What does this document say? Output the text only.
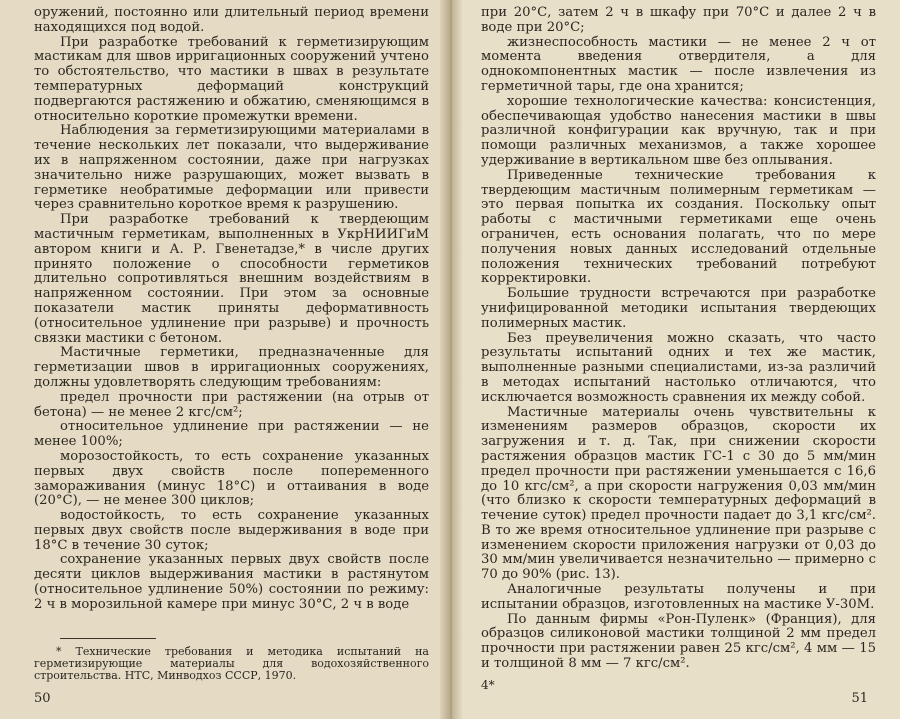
оружений, постоянно или длительный период времени находящихся под водой.

При разработке требований к герметизирующим мастикам для швов ирригационных сооружений учтено то обстоятельство, что мастики в швах в результате температурных деформаций конструкций подвергаются растяжению и обжатию, сменяющимся в относительно короткие промежутки времени.

Наблюдения за герметизирующими материалами в течение нескольких лет показали, что выдерживание их в напряженном состоянии, даже при нагрузках значительно ниже разрушающих, может вызвать в герметике необратимые деформации или привести через сравнительно короткое время к разрушению.

При разработке требований к твердеющим мастичным герметикам, выполненных в УкрНИИГиМ автором книги и А. Р. Гвенетадзе,* в числе других принято положение о способности герметиков длительно сопротивляться внешним воздействиям в напряженном состоянии. При этом за основные показатели мастик приняты деформативность (относительное удлинение при разрыве) и прочность связки мастики с бетоном.

Мастичные герметики, предназначенные для герметизации швов в ирригационных сооружениях, должны удовлетворять следующим требованиям:

предел прочности при растяжении (на отрыв от бетона) — не менее 2 кгс/см²;

относительное удлинение при растяжении — не менее 100%;

морозостойкость, то есть сохранение указанных первых двух свойств после попеременного замораживания (минус 18°С) и оттаивания в воде (20°С), — не менее 300 циклов;

водостойкость, то есть сохранение указанных первых двух свойств после выдерживания в воде при 18°С в течение 30 суток;

сохранение указанных первых двух свойств после десяти циклов выдерживания мастики в растянутом (относительное удлинение 50%) состоянии по режиму: 2 ч в морозильной камере при минус 30°С, 2 ч в воде

* Технические требования и методика испытаний на герметизирующие материалы для водохозяйственного строительства. НТС, Минводхоз СССР, 1970.

50

при 20°С, затем 2 ч в шкафу при 70°С и далее 2 ч в воде при 20°С;

жизнеспособность мастики — не менее 2 ч от момента введения отвердителя, а для однокомпонентных мастик — после извлечения из герметичной тары, где она хранится;

хорошие технологические качества: консистенция, обеспечивающая удобство нанесения мастики в швы различной конфигурации как вручную, так и при помощи различных механизмов, а также хорошее удерживание в вертикальном шве без оплывания.

Приведенные технические требования к твердеющим мастичным полимерным герметикам — это первая попытка их создания. Поскольку опыт работы с мастичными герметиками еще очень ограничен, есть основания полагать, что по мере получения новых данных исследований отдельные положения технических требований потребуют корректировки.

Большие трудности встречаются при разработке унифицированной методики испытания твердеющих полимерных мастик.

Без преувеличения можно сказать, что часто результаты испытаний одних и тех же мастик, выполненные разными специалистами, из-за различий в методах испытаний настолько отличаются, что исключается возможность сравнения их между собой.

Мастичные материалы очень чувствительны к изменениям размеров образцов, скорости их загружения и т. д. Так, при снижении скорости растяжения образцов мастик ГС-1 с 30 до 5 мм/мин предел прочности при растяжении уменьшается с 16,6 до 10 кгс/см², а при скорости нагружения 0,03 мм/мин (что близко к скорости температурных деформаций в течение суток) предел прочности падает до 3,1 кгс/см². В то же время относительное удлинение при разрыве с изменением скорости приложения нагрузки от 0,03 до 30 мм/мин увеличивается незначительно — примерно с 70 до 90% (рис. 13).

Аналогичные результаты получены и при испытании образцов, изготовленных на мастике У-30М.

По данным фирмы «Рон-Пуленк» (Франция), для образцов силиконовой мастики толщиной 2 мм предел прочности при растяжении равен 25 кгс/см², 4 мм — 15 и толщиной 8 мм — 7 кгс/см².

4*
51
